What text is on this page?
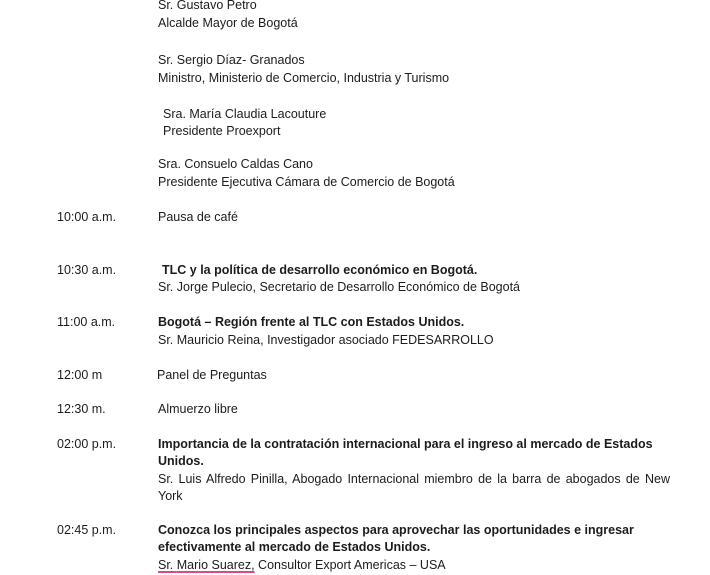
Sr. Gustavo Petro
Alcalde Mayor de Bogotá
Sr. Sergio Díaz- Granados
Ministro, Ministerio de Comercio, Industria y Turismo
Sra. María Claudia Lacouture
Presidente Proexport
Sra. Consuelo Caldas Cano
Presidente Ejecutiva Cámara de Comercio de Bogotá
10:00 a.m.	Pausa de café
10:30 a.m.	TLC y la política de desarrollo económico en Bogotá.
Sr. Jorge Pulecio, Secretario de Desarrollo Económico de Bogotá
11:00 a.m.	Bogotá – Región frente al TLC con Estados Unidos.
Sr. Mauricio Reina, Investigador asociado FEDESARROLLO
12:00 m	Panel de Preguntas
12:30 m.	Almuerzo libre
02:00 p.m.	Importancia de la contratación internacional para el ingreso al mercado de Estados Unidos.
Sr. Luis Alfredo Pinilla, Abogado Internacional miembro de la barra de abogados de New York
02:45 p.m.	Conozca los principales aspectos para aprovechar las oportunidades e ingresar efectivamente al mercado de Estados Unidos.
Sr. Mario Suarez, Consultor Export Americas – USA
